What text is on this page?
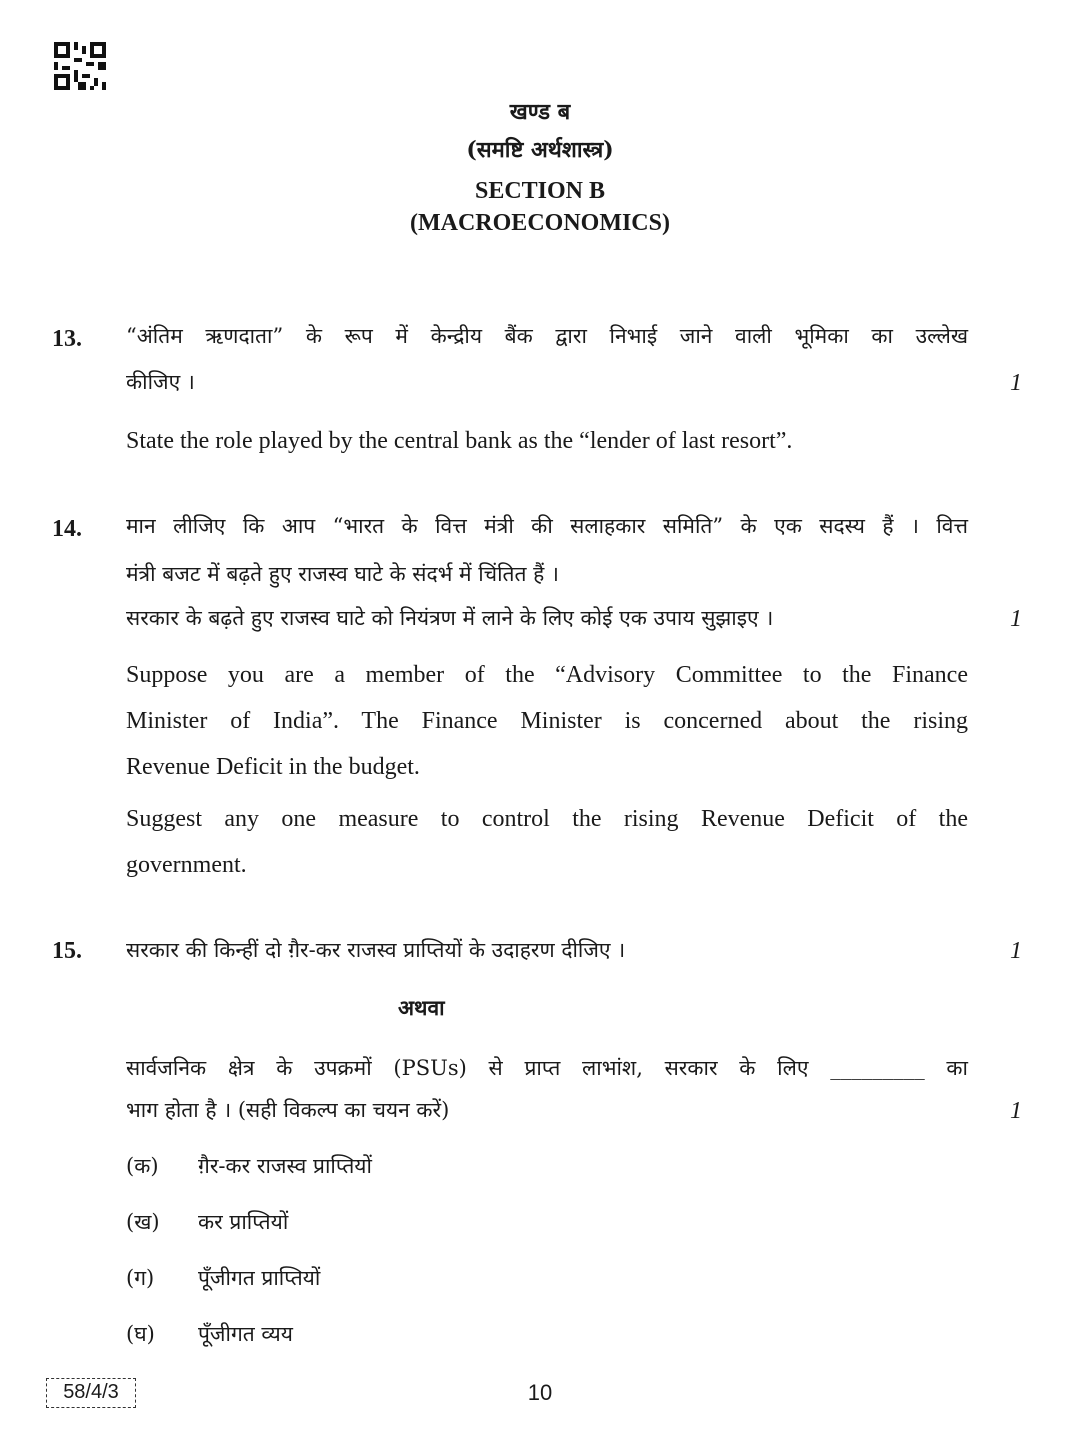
खण्ड ब
(समष्टि अर्थशास्त्र)
SECTION B
(MACROECONOMICS)
13. “अंतिम ऋणदाता” के रूप में केन्द्रीय बैंक द्वारा निभाई जाने वाली भूमिका का उल्लेख
कीजिए ।	1
State the role played by the central bank as the “lender of last resort”.
14. मान लीजिए कि आप “भारत के वित्त मंत्री की सलाहकार समिति” के एक सदस्य हैं । वित्त
मंत्री बजट में बढ़ते हुए राजस्व घाटे के संदर्भ में चिंतित हैं ।
सरकार के बढ़ते हुए राजस्व घाटे को नियंत्रण में लाने के लिए कोई एक उपाय सुझाइए ।	1
Suppose you are a member of the “Advisory Committee to the Finance
Minister of India”. The Finance Minister is concerned about the rising
Revenue Deficit in the budget.
Suggest any one measure to control the rising Revenue Deficit of the
government.
15. सरकार की किन्हीं दो ग़ैर-कर राजस्व प्राप्तियों के उदाहरण दीजिए ।	1
अथवा
सार्वजनिक क्षेत्र के उपक्रमों (PSUs) से प्राप्त लाभांश, सरकार के लिए _________ का
भाग होता है । (सही विकल्प का चयन करें)	1
(क) ग़ैर-कर राजस्व प्राप्तियों
(ख) कर प्राप्तियों
(ग) पूँजीगत प्राप्तियों
(घ) पूँजीगत व्यय
58/4/3	10
